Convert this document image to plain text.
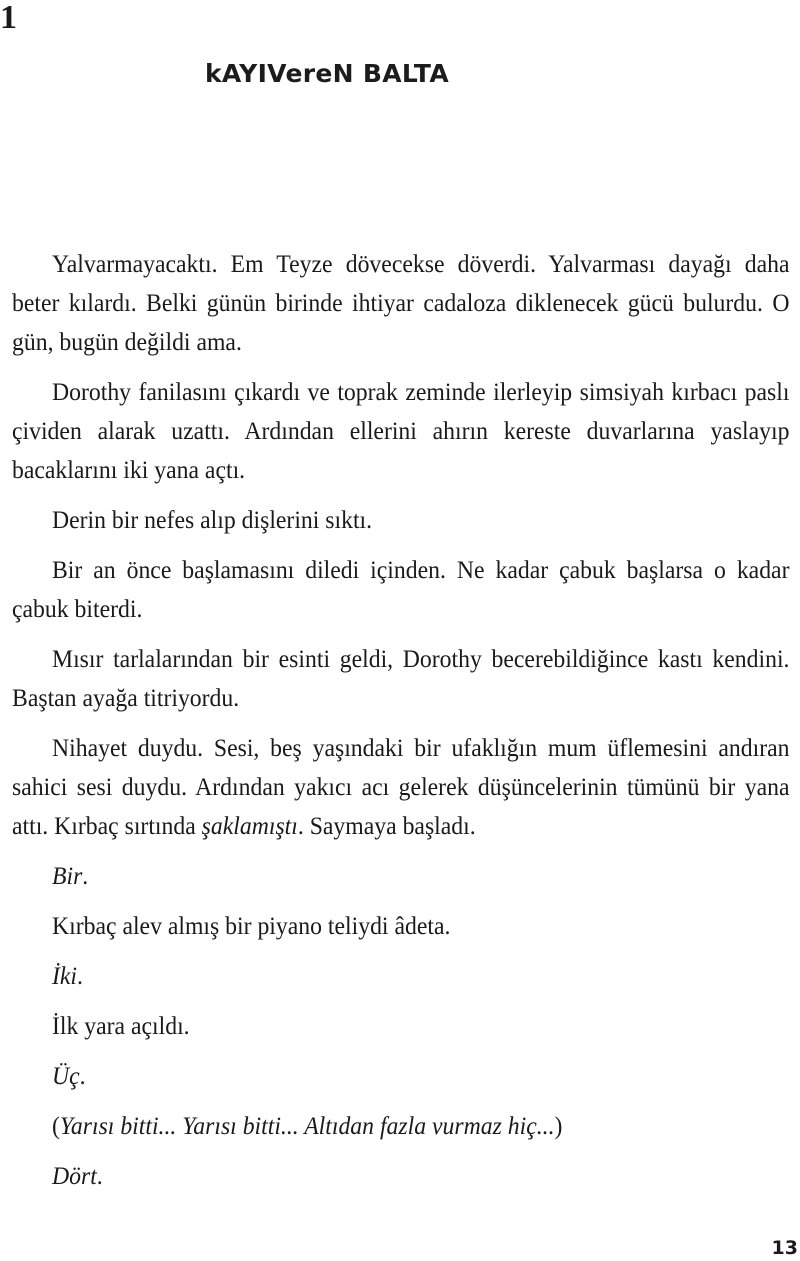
1
kAYIVereN BALTA

Yalvarmayacaktı. Em Teyze dövecekse döverdi. Yalvarması dayağı daha beter kılardı. Belki günün birinde ihtiyar cadaloza diklenecek gücü bulurdu. O gün, bugün değildi ama.

Dorothy fanilasını çıkardı ve toprak zeminde ilerleyip simsiyah kırbacı paslı çividen alarak uzattı. Ardından ellerini ahırın kereste duvarlarına yaslayıp bacaklarını iki yana açtı.

Derin bir nefes alıp dişlerini sıktı.

Bir an önce başlamasını diledi içinden. Ne kadar çabuk başlarsa o kadar çabuk biterdi.

Mısır tarlalarından bir esinti geldi, Dorothy becerebildiğince kastı kendini. Baştan ayağa titriyordu.

Nihayet duydu. Sesi, beş yaşındaki bir ufaklığın mum üflemesini andıran sahici sesi duydu. Ardından yakıcı acı gelerek düşüncelerinin tümünü bir yana attı. Kırbaç sırtında şaklamıştı. Saymaya başladı.

Bir.

Kırbaç alev almış bir piyano teliydi âdeta.

İki.

İlk yara açıldı.

Üç.

(Yarısı bitti... Yarısı bitti... Altıdan fazla vurmaz hiç...)

Dört.

13
